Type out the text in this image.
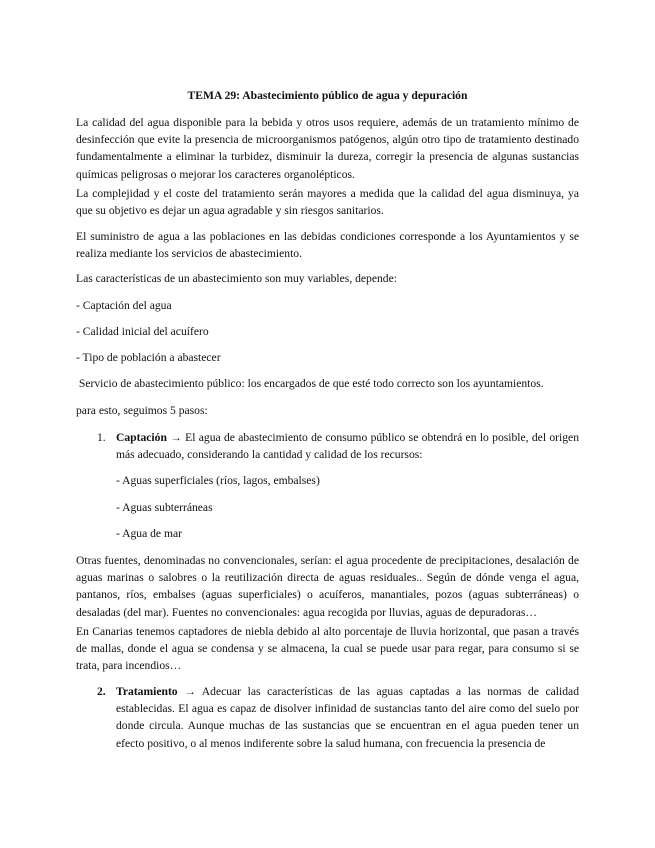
TEMA 29: Abastecimiento público de agua y depuración

La calidad del agua disponible para la bebida y otros usos requiere, además de un tratamiento mínimo de desinfección que evite la presencia de microorganismos patógenos, algún otro tipo de tratamiento destinado fundamentalmente a eliminar la turbidez, disminuir la dureza, corregir la presencia de algunas sustancias químicas peligrosas o mejorar los caracteres organolépticos.

La complejidad y el coste del tratamiento serán mayores a medida que la calidad del agua disminuya, ya que su objetivo es dejar un agua agradable y sin riesgos sanitarios.

El suministro de agua a las poblaciones en las debidas condiciones corresponde a los Ayuntamientos y se realiza mediante los servicios de abastecimiento.

Las características de un abastecimiento son muy variables, depende:

- Captación del agua

- Calidad inicial del acuífero

- Tipo de población a abastecer

Servicio de abastecimiento público: los encargados de que esté todo correcto son los ayuntamientos.

para esto, seguimos 5 pasos:

1. Captación → El agua de abastecimiento de consumo público se obtendrá en lo posible, del origen más adecuado, considerando la cantidad y calidad de los recursos:

- Aguas superficiales (ríos, lagos, embalses)

- Aguas subterráneas

- Agua de mar

Otras fuentes, denominadas no convencionales, serían: el agua procedente de precipitaciones, desalación de aguas marinas o salobres o la reutilización directa de aguas residuales.. Según de dónde venga el agua, pantanos, ríos, embalses (aguas superficiales) o acuíferos, manantiales, pozos (aguas subterráneas) o desaladas (del mar). Fuentes no convencionales: agua recogida por lluvias, aguas de depuradoras…

En Canarias tenemos captadores de niebla debido al alto porcentaje de lluvia horizontal, que pasan a través de mallas, donde el agua se condensa y se almacena, la cual se puede usar para regar, para consumo si se trata, para incendios…

2. Tratamiento → Adecuar las características de las aguas captadas a las normas de calidad establecidas. El agua es capaz de disolver infinidad de sustancias tanto del aire como del suelo por donde circula. Aunque muchas de las sustancias que se encuentran en el agua pueden tener un efecto positivo, o al menos indiferente sobre la salud humana, con frecuencia la presencia de
